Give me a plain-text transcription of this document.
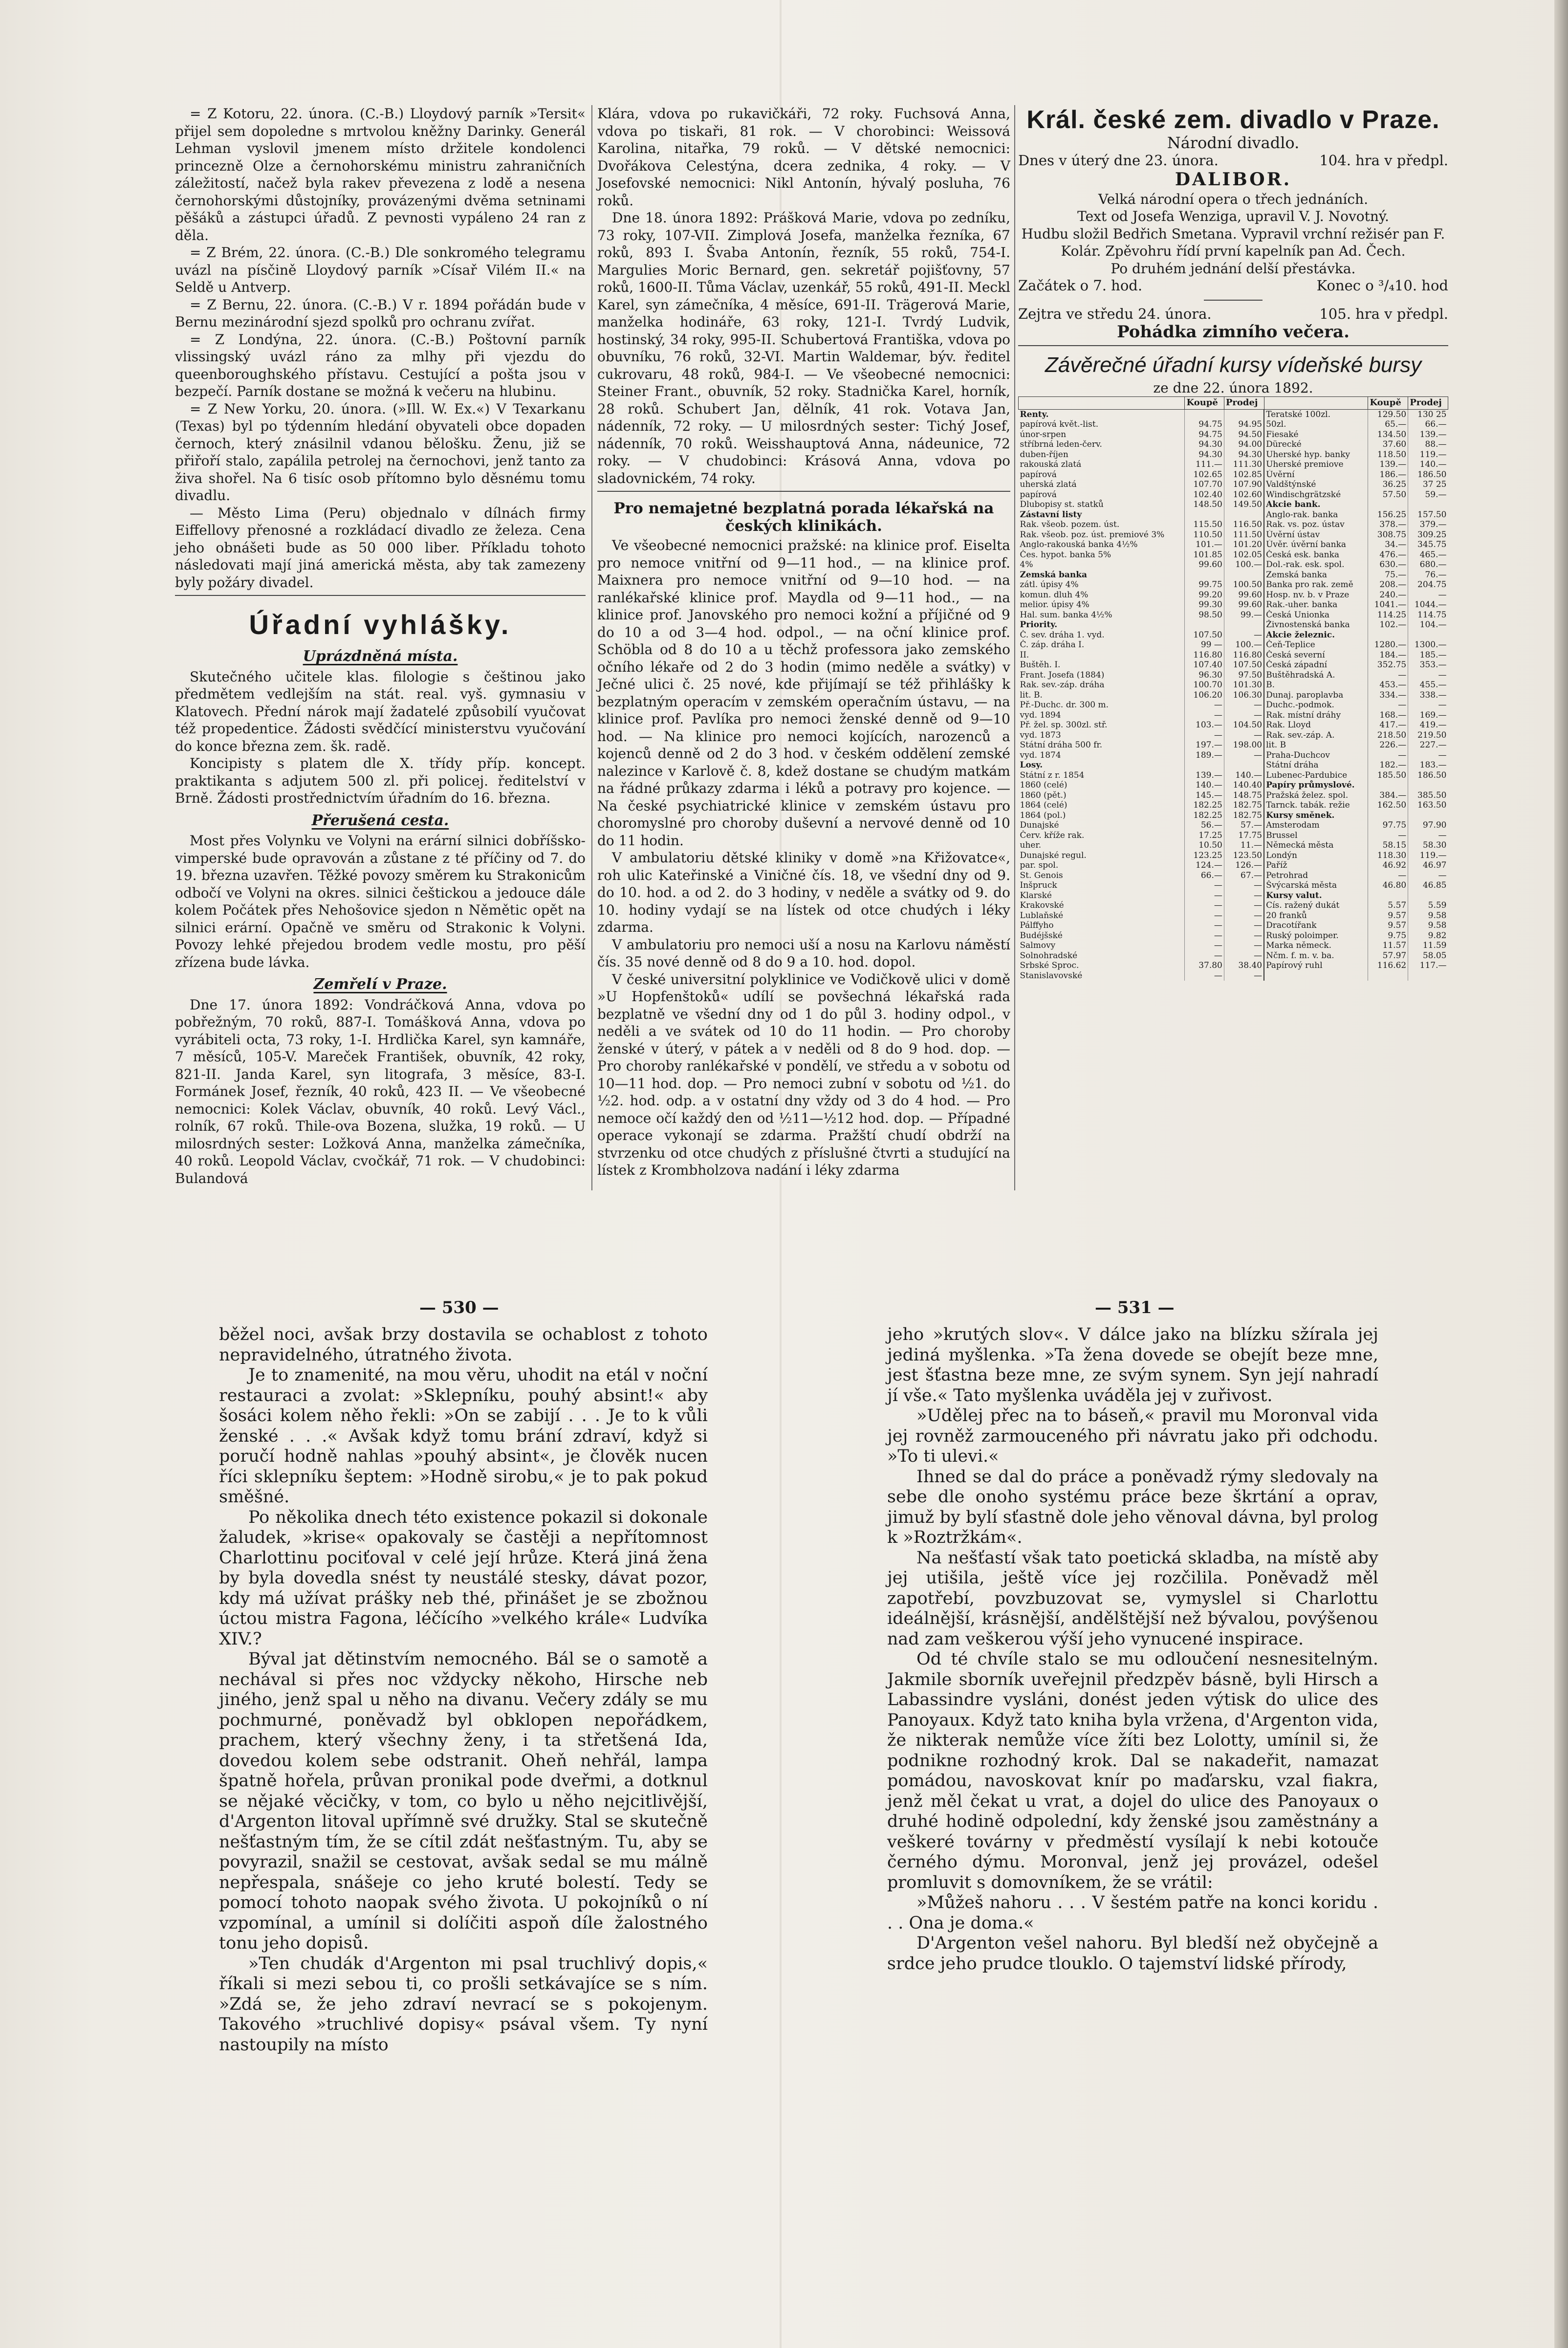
= Z Kotoru, 22. února. (C.-B.) Lloydový parník »Tersit« přijel sem dopoledne s mrtvolou kněžny Darinky. Generál Lehman vyslovil jmenem místo držitele kondolenci princezně Olze a černohorskému ministru zahraničních záležitostí, načež byla rakev převezena z lodě a nesena černohorskými důstojníky, provázenými dvěma setninami pěšáků a zástupci úřadů. Z pevnosti vypáleno 24 ran z děla.

= Z Brém, 22. února. (C.-B.) Dle sonkromého telegramu uvázl na písčině Lloydový parník »Císař Vilém II.« na Seldě u Antverp.

= Z Bernu, 22. února. (C.-B.) V r. 1894 pořádán bude v Bernu mezinárodní sjezd spolků pro ochranu zvířat.

= Z Londýna, 22. února. (C.-B.) Poštovní parník vlissingský uvázl ráno za mlhy při vjezdu do queenboroughského přístavu. Cestující a pošta jsou v bezpečí. Parník dostane se možná k večeru na hlubinu.

= Z New Yorku, 20. února. (»Ill. W. Ex.«) V Texarkanu (Texas) byl po týdenním hledání obyvateli obce dopaden černoch, který znásilnil vdanou bělošku. Ženu, již se přiřoří stalo, zapálila petrolej na černochovi, jenž tanto za živa shořel. Na 6 tisíc osob přítomno bylo děsnému tomu divadlu.

— Město Lima (Peru) objednalo v dílnách firmy Eiffellovy přenosné a rozkládací divadlo ze železa. Cena jeho obnášeti bude as 50 000 liber. Příkladu tohoto následovati mají jiná americká města, aby tak zamezeny byly požáry divadel.

Úřadní vyhlášky.
Uprázdněná místa.

Skutečného učitele klas. filologie s češtinou jako předmětem vedlejším na stát. real. vyš. gymnasiu v Klatovech. Přední nárok mají žadatelé způsobilí vyučovat též propedentice. Žádosti svědčící ministerstvu vyučování do konce března zem. šk. radě.

Koncipisty s platem dle X. třídy příp. koncept. praktikanta s adjutem 500 zl. při policej. ředitelství v Brně. Žádosti prostřednictvím úřadním do 16. března.

Přerušená cesta.

Most přes Volynku ve Volyni na erární silnici dobříšsko-vimperské bude opravován a zůstane z té příčiny od 7. do 19. března uzavřen. Těžké povozy směrem ku Strakonicům odbočí ve Volyni na okres. silnici češtickou a jedouce dále kolem Počátek přes Nehošovice sjedon n Němětic opět na silnici erární. Opačně ve směru od Strakonic k Volyni. Povozy lehké přejedou brodem vedle mostu, pro pěší zřízena bude lávka.

Zemřelí v Praze.

Dne 17. února 1892: Vondráčková Anna, vdova po pobřežným, 70 roků, 887-I. Tomášková Anna, vdova po vyrábiteli octa, 73 roky, 1-I. Hrdlička Karel, syn kamnáře, 7 měsíců, 105-V. Mareček František, obuvník, 42 roky, 821-II. Janda Karel, syn litografa, 3 měsíce, 83-I. Formánek Josef, řezník, 40 roků, 423 II. — Ve všeobecné nemocnici: Kolek Václav, obuvník, 40 roků. Levý Václ., rolník, 67 roků. Thile-ova Bozena, služka, 19 roků. — U milosrdných sester: Ložková Anna, manželka zámečníka, 40 roků. Leopold Václav, cvočkář, 71 rok. — V chudobinci: Bulandová

Klára, vdova po rukavičkáři, 72 roky. Fuchsová Anna, vdova po tiskaři, 81 rok. — V chorobinci: Weissová Karolina, nitařka, 79 roků. — V dětské nemocnici: Dvořákova Celestýna, dcera zednika, 4 roky. — V Josefovské nemocnici: Nikl Antonín, hývalý posluha, 76 roků.

Dne 18. února 1892: Prášková Marie, vdova po zedníku, 73 roky, 107-VII. Zimplová Josefa, manželka řezníka, 67 roků, 893 I. Švaba Antonín, řezník, 55 roků, 754-I. Margulies Moric Bernard, gen. sekretář pojišťovny, 57 roků, 1600-II. Tůma Václav, uzenkář, 55 roků, 491-II. Meckl Karel, syn zámečníka, 4 měsíce, 691-II. Trägerová Marie, manželka hodináře, 63 roky, 121-I. Tvrdý Ludvik, hostinský, 34 roky, 995-II. Schubertová Františka, vdova po obuvníku, 76 roků, 32-VI. Martin Waldemar, býv. ředitel cukrovaru, 48 roků, 984-I. — Ve všeobecné nemocnici: Steiner Frant., obuvník, 52 roky. Stadnička Karel, horník, 28 roků. Schubert Jan, dělník, 41 rok. Votava Jan, nádenník, 72 roky. — U milosrdných sester: Tichý Josef, nádenník, 70 roků. Weisshauptová Anna, nádeunice, 72 roky. — V chudobinci: Krásová Anna, vdova po sladovnickém, 74 roky.

Pro nemajetné bezplatná porada lékařská na českých klinikách.

Ve všeobecné nemocnici pražské: na klinice prof. Eiselta pro nemoce vnitřní od 9—11 hod., — na klinice prof. Maixnera pro nemoce vnitřní od 9—10 hod. — na ranlékařské klinice prof. Maydla od 9—11 hod., — na klinice prof. Janovského pro nemoci kožní a příjičné od 9 do 10 a od 3—4 hod. odpol., — na oční klinice prof. Schöbla od 8 do 10 a u těchž professora jako zemského očního lékaře od 2 do 3 hodin (mimo neděle a svátky) v Ječné ulici č. 25 nové, kde přijímají se též přihlášky k bezplatným operacím v zemském operačním ústavu, — na klinice prof. Pavlíka pro nemoci ženské denně od 9—10 hod. — Na klinice pro nemoci kojících, narozenců a kojenců denně od 2 do 3 hod. v českém oddělení zemské nalezince v Karlově č. 8, kdež dostane se chudým matkám na řádné průkazy zdarma i léků a potravy pro kojence. — Na české psychiatrické klinice v zemském ústavu pro choromyslné pro choroby duševní a nervové denně od 10 do 11 hodin.

V ambulatoriu dětské kliniky v domě »na Křižovatce«, roh ulic Kateřinské a Viničné čís. 18, ve všední dny od 9. do 10. hod. a od 2. do 3 hodiny, v neděle a svátky od 9. do 10. hodiny vydají se na lístek od otce chudých i léky zdarma.

V ambulatoriu pro nemoci uší a nosu na Karlovu náměstí čís. 35 nové denně od 8 do 9 a 10. hod. dopol.

V české universitní polyklinice ve Vodičkově ulici v domě »U Hopfenštoků« udílí se povšechná lékařská rada bezplatně ve všední dny od 1 do půl 3. hodiny odpol., v neděli a ve svátek od 10 do 11 hodin. — Pro choroby ženské v úterý, v pátek a v neděli od 8 do 9 hod. dop. — Pro choroby ranlékařské v pondělí, ve středu a v sobotu od 10—11 hod. dop. — Pro nemoci zubní v sobotu od ½1. do ½2. hod. odp. a v ostatní dny vždy od 3 do 4 hod. — Pro nemoce očí každý den od ½11—½12 hod. dop. — Případné operace vykonají se zdarma. Pražští chudí obdrží na stvrzenku od otce chudých z příslušné čtvrti a studující na lístek z Krombholzova nadání i léky zdarma

Král. české zem. divadlo v Praze.

Národní divadlo.

Dnes v úterý dne 23. února.	104. hra v předpl.
DALIBOR.

Velká národní opera o třech jednáních.

Text od Josefa Wenziga, upravil V. J. Novotný.

Hudbu složil Bedřich Smetana. Vypravil vrchní režisér pan F. Kolár. Zpěvohru řídí první kapelník pan Ad. Čech.

Po druhém jednání delší přestávka.

Začátek o 7. hod.	Konec o ³/₄10. hod
Zejtra ve středu 24. února.	105. hra v předpl.
Pohádka zimního večera.
Závěrečné úřadní kursy vídeňské bursy

ze dne 22. února 1892.

	Koupě	Prodej		Koupě	Prodej
Renty.			Teratské 100zl.	129.50	130 25
papírová květ.-list.	94.75	94.95	50zl.	65.—	66.—
únor-srpen	94.75	94.50	Fiesaké	134.50	139.—
stříbrná leden-červ.	94.30	94.00	Dürecké	37.60	88.—
duben-říjen	94.30	94.30	Uherské hyp. banky	118.50	119.—
rakouská zlatá	111.—	111.30	Uherské premiove	139.—	140.—
papírová	102.65	102.85	Úvěrní	186.—	186.50
uherská zlatá	107.70	107.90	Valdštýnské	36.25	37 25
papírová	102.40	102.60	Windischgrätzské	57.50	59.—
Dlubopisy st. statků	148.50	149.50	Akcie bank.		
Zástavní listy			Anglo-rak. banka	156.25	157.50
Rak. všeob. pozem. úst.	115.50	116.50	Rak. vs. poz. ústav	378.—	379.—
Rak. všeob. poz. úst. premiové 3%	110.50	111.50	Úvěrní ústav	308.75	309.25
Anglo-rakouská banka 4½%	101.—	101.20	Úvěr. úvěrní banka	34.—	345.75
Čes. hypot. banka 5%	101.85	102.05	Česká esk. banka	476.—	465.—
4%	99.60	100.—	Dol.-rak. esk. spol.	630.—	680.—
Zemská banka			Zemská banka	75.—	76.—
zátl. úpisy 4%	99.75	100.50	Banka pro rak. země	208.—	204.75
komun. dluh 4%	99.20	99.60	Hosp. nv. b. v Praze	240.—	—
melior. úpisy 4%	99.30	99.60	Rak.-uher. banka	1041.—	1044.—
Hal. sum. banka 4½%	98.50	99.—	Česká Unionka	114.25	114.75
Priority.			Živnostenská banka	102.—	104.—
Č. sev. dráha 1. vyd.	107.50	—	Akcie železnic.		
Č. záp. dráha I.	99 —	100.—	Čeň-Teplice	1280.—	1300.—
II.	116.80	116.80	Česká severní	184.—	185.—
Buštěh. I.	107.40	107.50	Česká západní	352.75	353.—
Frant. Josefa (1884)	96.30	97.50	Buštěhradská A.	—	—
Rak. sev.-záp. dráha	100.70	101.30	B.	453.—	455.—
lit. B.	106.20	106.30	Dunaj. paroplavba	334.—	338.—
Př.-Duchc. dr. 300 m.	—	—	Duchc.-podmok.	—	—
vyd. 1894	—	—	Rak. místní dráhy	168.—	169.—
Př. žel. sp. 300zl. stř.	103.—	104.50	Rak. Lloyd	417.—	419.—
vyd. 1873	—	—	Rak. sev.-záp. A.	218.50	219.50
Státní dráha 500 fr.	197.—	198.00	lit. B	226.—	227.—
vyd. 1874	189.—	—	Praha-Duchcov	—	—
Losy.			Státní dráha	182.—	183.—
Státní z r. 1854	139.—	140.—	Lubenec-Pardubice	185.50	186.50
1860 (celé)	140.—	140.40	Papíry průmyslové.		
1860 (pět.)	145.—	148.75	Pražská želez. spol.	384.—	385.50
1864 (celé)	182.25	182.75	Tarnck. tabák. režie	162.50	163.50
1864 (pol.)	182.25	182.75	Kursy směnek.		
Dunajské	56.—	57.—	Amsterodam	97.75	97.90
Červ. kříže rak.	17.25	17.75	Brussel	—	—
uher.	10.50	11.—	Německá města	58.15	58.30
Dunajské regul.	123.25	123.50	Londýn	118.30	119.—
par. spol.	124.—	126.—	Paříž	46.92	46.97
St. Genois	66.—	67.—	Petrohrad	—	—
Inšpruck	—	—	Švýcarská města	46.80	46.85
Klarské	—	—	Kursy valut.		
Krakovské	—	—	Cís. ražený dukát	5.57	5.59
Lublaňské	—	—	20 franků	9.57	9.58
Pálffyho	—	—	Dracotířank	9.57	9.58
Budéjšské	—	—	Ruský poloimper.	9.75	9.82
Salmovy	—	—	Marka německ.	11.57	11.59
Solnohradské	—	—	Nčm. f. m. v. ba.	57.97	58.05
Srbské Sproc.	37.80	38.40	Papírový ruhl	116.62	117.—
Stanislavovské	—	—			
— 530 —	— 531 —

běžel noci, avšak brzy dostavila se ochablost z tohoto nepravidelného, útratného života.

Je to znamenité, na mou věru, uhodit na etál v noční restauraci a zvolat: »Sklepníku, pouhý absint!« aby šosáci kolem něho řekli: »On se zabijí . . . Je to k vůli ženské . . .« Avšak když tomu brání zdraví, když si poručí hodně nahlas »pouhý absint«, je člověk nucen říci sklepníku šeptem: »Hodně sirobu,« je to pak pokud směšné.

Po několika dnech této existence pokazil si dokonale žaludek, »krise« opakovaly se častěji a nepřítomnost Charlottinu pociťoval v celé její hrůze. Která jiná žena by byla dovedla snést ty neustálé stesky, dávat pozor, kdy má užívat prášky neb thé, přinášet je se zbožnou úctou mistra Fagona, léčícího »velkého krále« Ludvíka XIV.?

Býval jat dětinstvím nemocného. Bál se o samotě a nechával si přes noc vždycky někoho, Hirsche neb jiného, jenž spal u něho na divanu. Večery zdály se mu pochmurné, poněvadž byl obklopen nepořádkem, prachem, který všechny ženy, i ta střetšená Ida, dovedou kolem sebe odstranit. Oheň nehřál, lampa špatně hořela, průvan pronikal pode dveřmi, a dotknul se nějaké věcičky, v tom, co bylo u něho nejcitlivější, d'Argenton litoval upřímně své družky. Stal se skutečně nešťastným tím, že se cítil zdát nešťastným. Tu, aby se povyrazil, snažil se cestovat, avšak sedal se mu málně nepřespala, snášeje co jeho kruté bolestí. Tedy se pomocí tohoto naopak svého života. U pokojníků o ní vzpomínal, a umínil si dolíčiti aspoň díle žalostného tonu jeho dopisů.

»Ten chudák d'Argenton mi psal truchlivý dopis,« říkali si mezi sebou ti, co prošli setkávajíce se s ním. »Zdá se, že jeho zdraví nevrací se s pokojenym. Takového »truchlivé dopisy« psával všem. Ty nyní nastoupily na místo

jeho »krutých slov«. V dálce jako na blízku sžírala jej jediná myšlenka. »Ta žena dovede se obejít beze mne, jest šťastna beze mne, ze svým synem. Syn její nahradí jí vše.« Tato myšlenka uváděla jej v zuřivost.

»Udělej přec na to báseň,« pravil mu Moronval vida jej rovněž zarmouceného při návratu jako při odchodu. »To ti ulevi.«

Ihned se dal do práce a poněvadž rýmy sledovaly na sebe dle onoho systému práce beze škrtání a oprav, jimuž by bylí sťastně dole jeho věnoval dávna, byl prolog k »Roztržkám«.

Na nešťastí však tato poetická skladba, na místě aby jej utišila, ještě více jej rozčilila. Poněvadž měl zapotřebí, povzbuzovat se, vymyslel si Charlottu ideálnější, krásnější, andělštější než bývalou, povýšenou nad zam veškerou výší jeho vynucené inspirace.

Od té chvíle stalo se mu odloučení nesnesitelným. Jakmile sborník uveřejnil předzpěv básně, byli Hirsch a Labassindre vysláni, donést jeden výtisk do ulice des Panoyaux. Když tato kniha byla vržena, d'Argenton vida, že nikterak nemůže více žíti bez Lolotty, umínil si, že podnikne rozhodný krok. Dal se nakadeřit, namazat pomádou, navoskovat knír po maďarsku, vzal fiakra, jenž měl čekat u vrat, a dojel do ulice des Panoyaux o druhé hodině odpolední, kdy ženské jsou zaměstnány a veškeré továrny v předměstí vysílají k nebi kotouče černého dýmu. Moronval, jenž jej provázel, odešel promluvit s domovníkem, že se vrátil:

»Můžeš nahoru . . . V šestém patře na konci koridu . . . Ona je doma.«

D'Argenton vešel nahoru. Byl bledší než obyčejně a srdce jeho prudce tlouklo. O tajemství lidské přírody,
